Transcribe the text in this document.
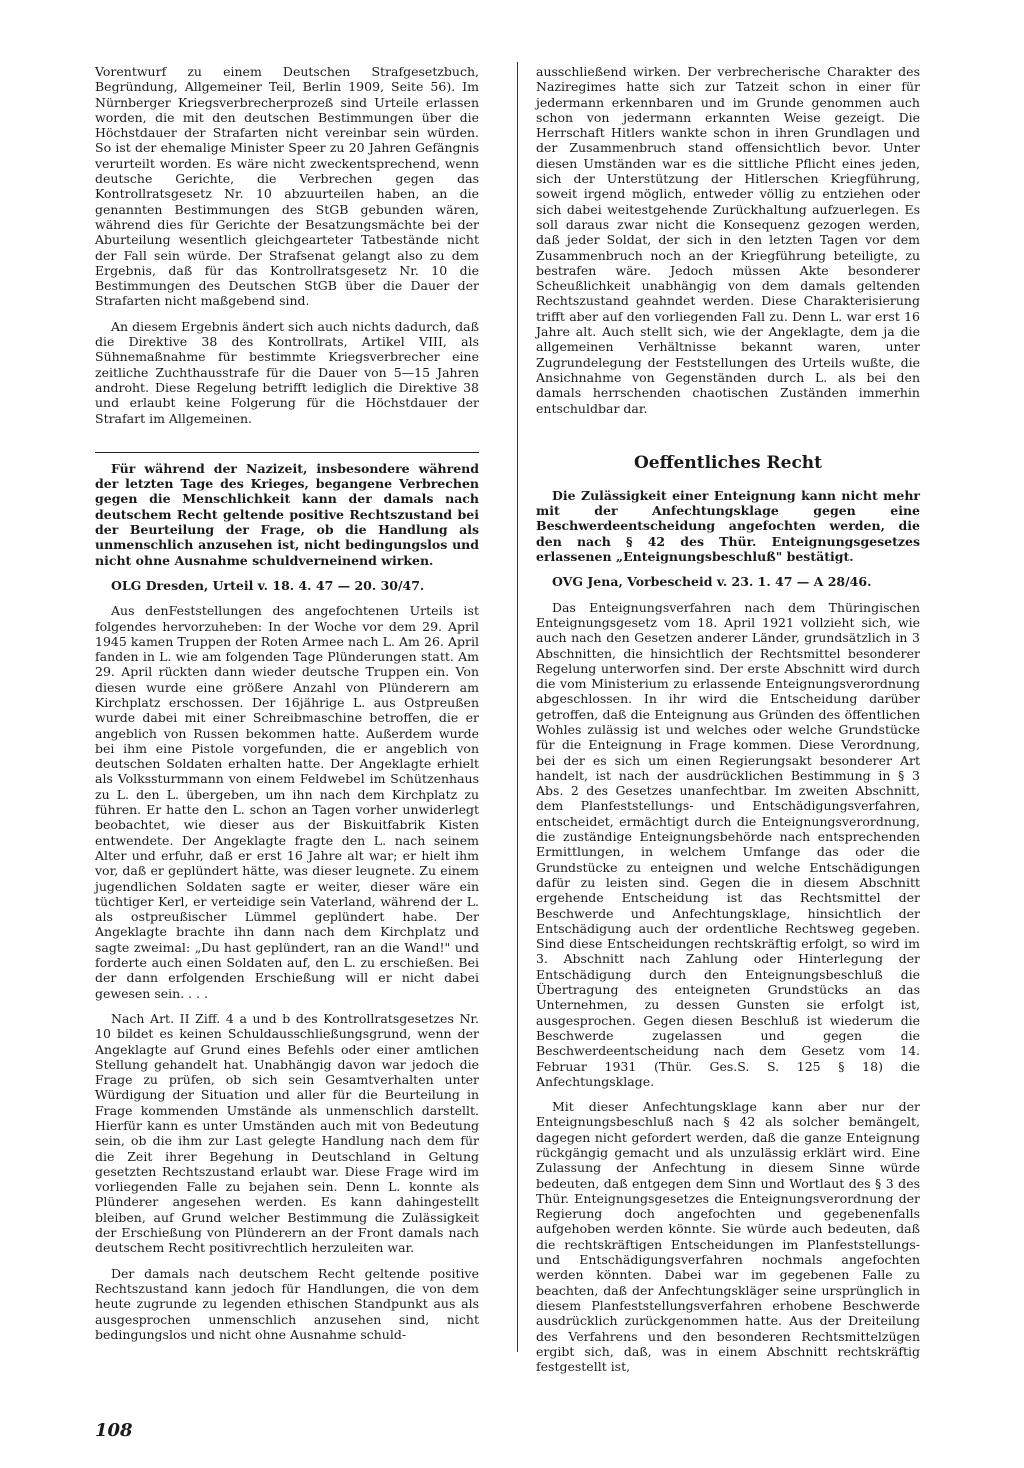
Vorentwurf zu einem Deutschen Strafgesetzbuch, Begründung, Allgemeiner Teil, Berlin 1909, Seite 56). Im Nürnberger Kriegsverbrecherprozeß sind Urteile erlassen worden, die mit den deutschen Bestimmungen über die Höchstdauer der Strafarten nicht vereinbar sein würden. So ist der ehemalige Minister Speer zu 20 Jahren Gefängnis verurteilt worden. Es wäre nicht zweckentsprechend, wenn deutsche Gerichte, die Verbrechen gegen das Kontrollratsgesetz Nr. 10 abzuurteilen haben, an die genannten Bestimmungen des StGB gebunden wären, während dies für Gerichte der Besatzungsmächte bei der Aburteilung wesentlich gleichgearteter Tatbestände nicht der Fall sein würde. Der Strafsenat gelangt also zu dem Ergebnis, daß für das Kontrollratsgesetz Nr. 10 die Bestimmungen des Deutschen StGB über die Dauer der Strafarten nicht maßgebend sind.

An diesem Ergebnis ändert sich auch nichts dadurch, daß die Direktive 38 des Kontrollrats, Artikel VIII, als Sühnemaßnahme für bestimmte Kriegsverbrecher eine zeitliche Zuchthausstrafe für die Dauer von 5—15 Jahren androht. Diese Regelung betrifft lediglich die Direktive 38 und erlaubt keine Folgerung für die Höchstdauer der Strafart im Allgemeinen.

Für während der Nazizeit, insbesondere während der letzten Tage des Krieges, begangene Verbrechen gegen die Menschlichkeit kann der damals nach deutschem Recht geltende positive Rechtszustand bei der Beurteilung der Frage, ob die Handlung als unmenschlich anzusehen ist, nicht bedingungslos und nicht ohne Ausnahme schuldverneinend wirken.

OLG Dresden, Urteil v. 18. 4. 47 — 20. 30/47.

Aus denFeststellungen des angefochtenen Urteils ist folgendes hervorzuheben: In der Woche vor dem 29. April 1945 kamen Truppen der Roten Armee nach L. Am 26. April fanden in L. wie am folgenden Tage Plünderungen statt. Am 29. April rückten dann wieder deutsche Truppen ein. Von diesen wurde eine größere Anzahl von Plünderern am Kirchplatz erschossen. Der 16jährige L. aus Ostpreußen wurde dabei mit einer Schreibmaschine betroffen, die er angeblich von Russen bekommen hatte. Außerdem wurde bei ihm eine Pistole vorgefunden, die er angeblich von deutschen Soldaten erhalten hatte. Der Angeklagte erhielt als Volkssturmmann von einem Feldwebel im Schützenhaus zu L. den L. übergeben, um ihn nach dem Kirchplatz zu führen. Er hatte den L. schon an Tagen vorher unwiderlegt beobachtet, wie dieser aus der Biskuitfabrik Kisten entwendete. Der Angeklagte fragte den L. nach seinem Alter und erfuhr, daß er erst 16 Jahre alt war; er hielt ihm vor, daß er geplündert hätte, was dieser leugnete. Zu einem jugendlichen Soldaten sagte er weiter, dieser wäre ein tüchtiger Kerl, er verteidige sein Vaterland, während der L. als ostpreußischer Lümmel geplündert habe. Der Angeklagte brachte ihn dann nach dem Kirchplatz und sagte zweimal: „Du hast geplündert, ran an die Wand!" und forderte auch einen Soldaten auf, den L. zu erschießen. Bei der dann erfolgenden Erschießung will er nicht dabei gewesen sein. . . .

Nach Art. II Ziff. 4 a und b des Kontrollratsgesetzes Nr. 10 bildet es keinen Schuldausschließungsgrund, wenn der Angeklagte auf Grund eines Befehls oder einer amtlichen Stellung gehandelt hat. Unabhängig davon war jedoch die Frage zu prüfen, ob sich sein Gesamtverhalten unter Würdigung der Situation und aller für die Beurteilung in Frage kommenden Umstände als unmenschlich darstellt. Hierfür kann es unter Umständen auch mit von Bedeutung sein, ob die ihm zur Last gelegte Handlung nach dem für die Zeit ihrer Begehung in Deutschland in Geltung gesetzten Rechtszustand erlaubt war. Diese Frage wird im vorliegenden Falle zu bejahen sein. Denn L. konnte als Plünderer angesehen werden. Es kann dahingestellt bleiben, auf Grund welcher Bestimmung die Zulässigkeit der Erschießung von Plünderern an der Front damals nach deutschem Recht positivrechtlich herzuleiten war.

Der damals nach deutschem Recht geltende positive Rechtszustand kann jedoch für Handlungen, die von dem heute zugrunde zu legenden ethischen Standpunkt aus als ausgesprochen unmenschlich anzusehen sind, nicht bedingungslos und nicht ohne Ausnahme schuld-

ausschließend wirken. Der verbrecherische Charakter des Naziregimes hatte sich zur Tatzeit schon in einer für jedermann erkennbaren und im Grunde genommen auch schon von jedermann erkannten Weise gezeigt. Die Herrschaft Hitlers wankte schon in ihren Grundlagen und der Zusammenbruch stand offensichtlich bevor. Unter diesen Umständen war es die sittliche Pflicht eines jeden, sich der Unterstützung der Hitlerschen Kriegführung, soweit irgend möglich, entweder völlig zu entziehen oder sich dabei weitestgehende Zurückhaltung aufzuerlegen. Es soll daraus zwar nicht die Konsequenz gezogen werden, daß jeder Soldat, der sich in den letzten Tagen vor dem Zusammenbruch noch an der Kriegführung beteiligte, zu bestrafen wäre. Jedoch müssen Akte besonderer Scheußlichkeit unabhängig von dem damals geltenden Rechtszustand geahndet werden. Diese Charakterisierung trifft aber auf den vorliegenden Fall zu. Denn L. war erst 16 Jahre alt. Auch stellt sich, wie der Angeklagte, dem ja die allgemeinen Verhältnisse bekannt waren, unter Zugrundelegung der Feststellungen des Urteils wußte, die Ansichnahme von Gegenständen durch L. als bei den damals herrschenden chaotischen Zuständen immerhin entschuldbar dar.

Oeffentliches Recht

Die Zulässigkeit einer Enteignung kann nicht mehr mit der Anfechtungsklage gegen eine Beschwerdeentscheidung angefochten werden, die den nach § 42 des Thür. Enteignungsgesetzes erlassenen „Enteignungsbeschluß" bestätigt.

OVG Jena, Vorbescheid v. 23. 1. 47 — A 28/46.

Das Enteignungsverfahren nach dem Thüringischen Enteignungsgesetz vom 18. April 1921 vollzieht sich, wie auch nach den Gesetzen anderer Länder, grundsätzlich in 3 Abschnitten, die hinsichtlich der Rechtsmittel besonderer Regelung unterworfen sind. Der erste Abschnitt wird durch die vom Ministerium zu erlassende Enteignungsverordnung abgeschlossen. In ihr wird die Entscheidung darüber getroffen, daß die Enteignung aus Gründen des öffentlichen Wohles zulässig ist und welches oder welche Grundstücke für die Enteignung in Frage kommen. Diese Verordnung, bei der es sich um einen Regierungsakt besonderer Art handelt, ist nach der ausdrücklichen Bestimmung in § 3 Abs. 2 des Gesetzes unanfechtbar. Im zweiten Abschnitt, dem Planfeststellungs- und Entschädigungsverfahren, entscheidet, ermächtigt durch die Enteignungsverordnung, die zuständige Enteignungsbehörde nach entsprechenden Ermittlungen, in welchem Umfange das oder die Grundstücke zu enteignen und welche Entschädigungen dafür zu leisten sind. Gegen die in diesem Abschnitt ergehende Entscheidung ist das Rechtsmittel der Beschwerde und Anfechtungsklage, hinsichtlich der Entschädigung auch der ordentliche Rechtsweg gegeben. Sind diese Entscheidungen rechtskräftig erfolgt, so wird im 3. Abschnitt nach Zahlung oder Hinterlegung der Entschädigung durch den Enteignungsbeschluß die Übertragung des enteigneten Grundstücks an das Unternehmen, zu dessen Gunsten sie erfolgt ist, ausgesprochen. Gegen diesen Beschluß ist wiederum die Beschwerde zugelassen und gegen die Beschwerdeentscheidung nach dem Gesetz vom 14. Februar 1931 (Thür. Ges.S. S. 125 § 18) die Anfechtungsklage.

Mit dieser Anfechtungsklage kann aber nur der Enteignungsbeschluß nach § 42 als solcher bemängelt, dagegen nicht gefordert werden, daß die ganze Enteignung rückgängig gemacht und als unzulässig erklärt wird. Eine Zulassung der Anfechtung in diesem Sinne würde bedeuten, daß entgegen dem Sinn und Wortlaut des § 3 des Thür. Enteignungsgesetzes die Enteignungsverordnung der Regierung doch angefochten und gegebenenfalls aufgehoben werden könnte. Sie würde auch bedeuten, daß die rechtskräftigen Entscheidungen im Planfeststellungs- und Entschädigungsverfahren nochmals angefochten werden könnten. Dabei war im gegebenen Falle zu beachten, daß der Anfechtungskläger seine ursprünglich in diesem Planfeststellungsverfahren erhobene Beschwerde ausdrücklich zurückgenommen hatte. Aus der Dreiteilung des Verfahrens und den besonderen Rechtsmittelzügen ergibt sich, daß, was in einem Abschnitt rechtskräftig festgestellt ist,

108
